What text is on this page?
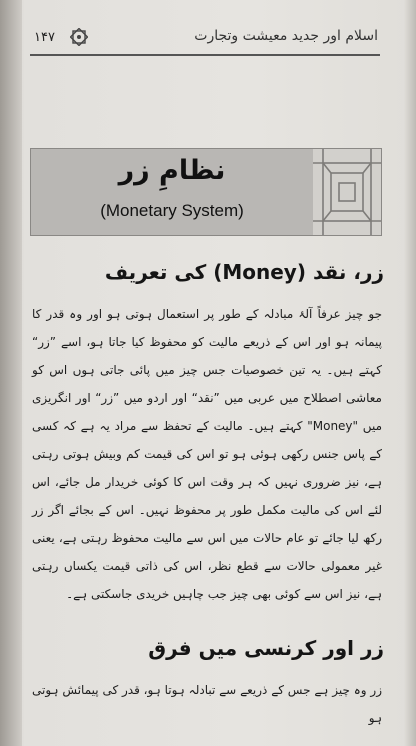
۱۴۷	اسلام اور جدید معیشت وتجارت
نظامِ زر
(Monetary System)
زر، نقد (Money) کی تعریف
جو چیز عرفاً آلۂ مبادلہ کے طور پر استعمال ہوتی ہو اور وہ قدر کا پیمانہ ہو اور اس کے ذریعے مالیت کو محفوظ کیا جاتا ہو، اسے ”زر“ کہتے ہیں۔ یہ تین خصوصیات جس چیز میں پائی جاتی ہوں اس کو معاشی اصطلاح میں عربی میں ”نقد“ اور اردو میں ”زر“ اور انگریزی میں "Money" کہتے ہیں۔ مالیت کے تحفظ سے مراد یہ ہے کہ کسی کے پاس جنس رکھی ہوئی ہو تو اس کی قیمت کم وبیش ہوتی رہتی ہے، نیز ضروری نہیں کہ ہر وقت اس کا کوئی خریدار مل جائے، اس لئے اس کی مالیت مکمل طور پر محفوظ نہیں۔ اس کے بجائے اگر زر رکھ لیا جائے تو عام حالات میں اس سے مالیت محفوظ رہتی ہے، یعنی غیر معمولی حالات سے قطع نظر، اس کی ذاتی قیمت یکساں رہتی ہے، نیز اس سے کوئی بھی چیز جب چاہیں خریدی جاسکتی ہے۔
زر اور کرنسی میں فرق
زر وہ چیز ہے جس کے ذریعے سے تبادلہ ہوتا ہو، قدر کی پیمائش ہوتی ہو
